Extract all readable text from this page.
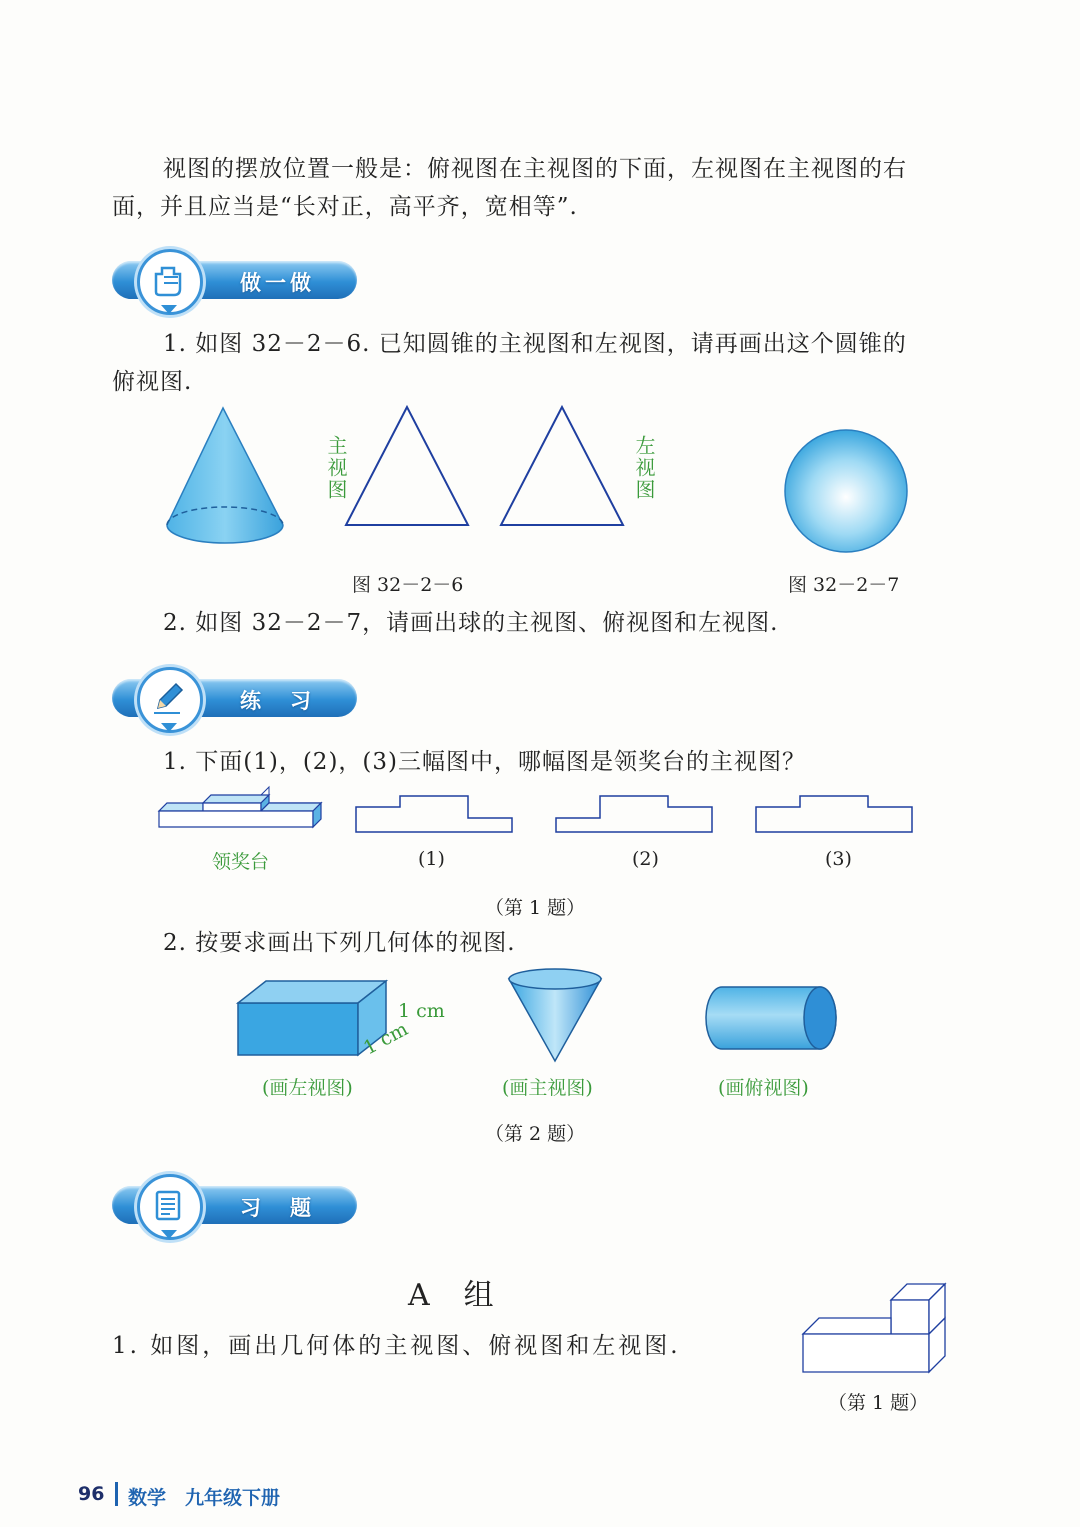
视图的摆放位置一般是：俯视图在主视图的下面，左视图在主视图的右
面，并且应当是“长对正，高平齐，宽相等”.
做一做
1. 如图 32－2－6. 已知圆锥的主视图和左视图，请再画出这个圆锥的
俯视图.
主视图	左视图
图 32－2－6	图 32－2－7
2. 如图 32－2－7，请画出球的主视图、俯视图和左视图.
练　习
1. 下面(1)，(2)，(3)三幅图中，哪幅图是领奖台的主视图？
领奖台	(1)	(2)	(3)
（第 1 题）
2. 按要求画出下列几何体的视图.
1 cm
1 cm
(画左视图)	(画主视图)	(画俯视图)
（第 2 题）
习　题
A　组
1. 如图，画出几何体的主视图、俯视图和左视图.
（第 1 题）
96 数学　九年级下册
